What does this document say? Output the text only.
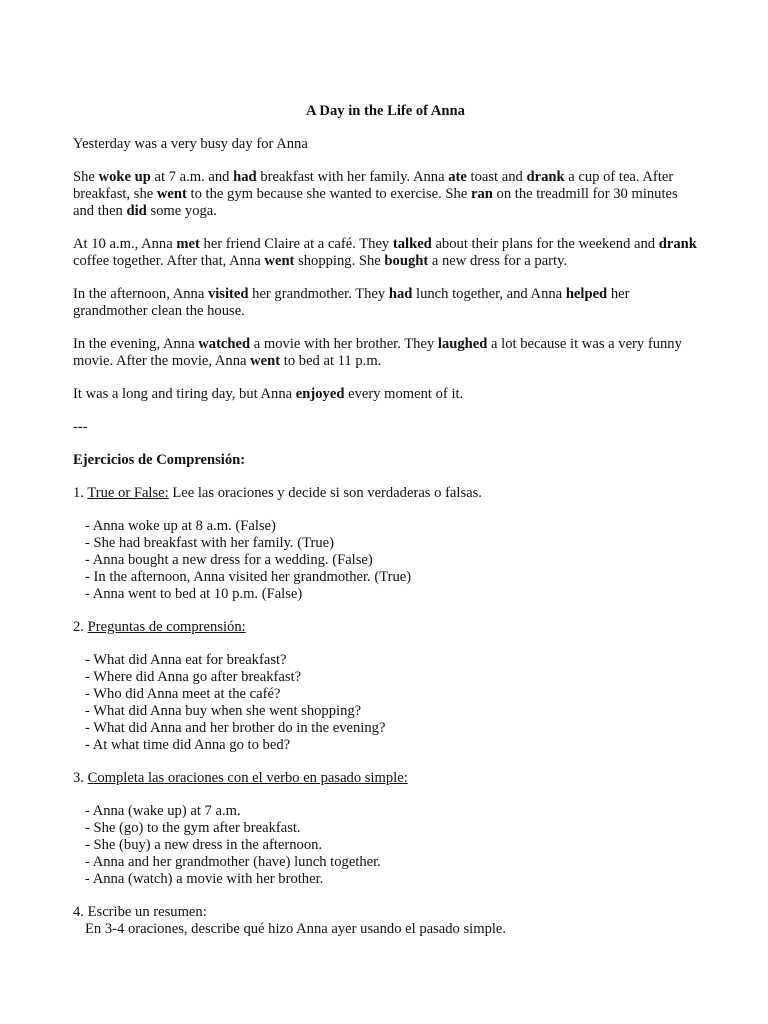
A Day in the Life of Anna

Yesterday was a very busy day for Anna

She woke up at 7 a.m. and had breakfast with her family. Anna ate toast and drank a cup of tea. After breakfast, she went to the gym because she wanted to exercise. She ran on the treadmill for 30 minutes and then did some yoga.

At 10 a.m., Anna met her friend Claire at a café. They talked about their plans for the weekend and drank coffee together. After that, Anna went shopping. She bought a new dress for a party.

In the afternoon, Anna visited her grandmother. They had lunch together, and Anna helped her grandmother clean the house.

In the evening, Anna watched a movie with her brother. They laughed a lot because it was a very funny movie. After the movie, Anna went to bed at 11 p.m.

It was a long and tiring day, but Anna enjoyed every moment of it.

---
Ejercicios de Comprensión:
1. True or False: Lee las oraciones y decide si son verdaderas o falsas.
- Anna woke up at 8 a.m. (False)
- She had breakfast with her family. (True)
- Anna bought a new dress for a wedding. (False)
- In the afternoon, Anna visited her grandmother. (True)
- Anna went to bed at 10 p.m. (False)
2. Preguntas de comprensión:
- What did Anna eat for breakfast?
- Where did Anna go after breakfast?
- Who did Anna meet at the café?
- What did Anna buy when she went shopping?
- What did Anna and her brother do in the evening?
- At what time did Anna go to bed?
3. Completa las oraciones con el verbo en pasado simple:
- Anna (wake up) at 7 a.m.
- She (go) to the gym after breakfast.
- She (buy) a new dress in the afternoon.
- Anna and her grandmother (have) lunch together.
- Anna (watch) a movie with her brother.
4. Escribe un resumen:
En 3-4 oraciones, describe qué hizo Anna ayer usando el pasado simple.
